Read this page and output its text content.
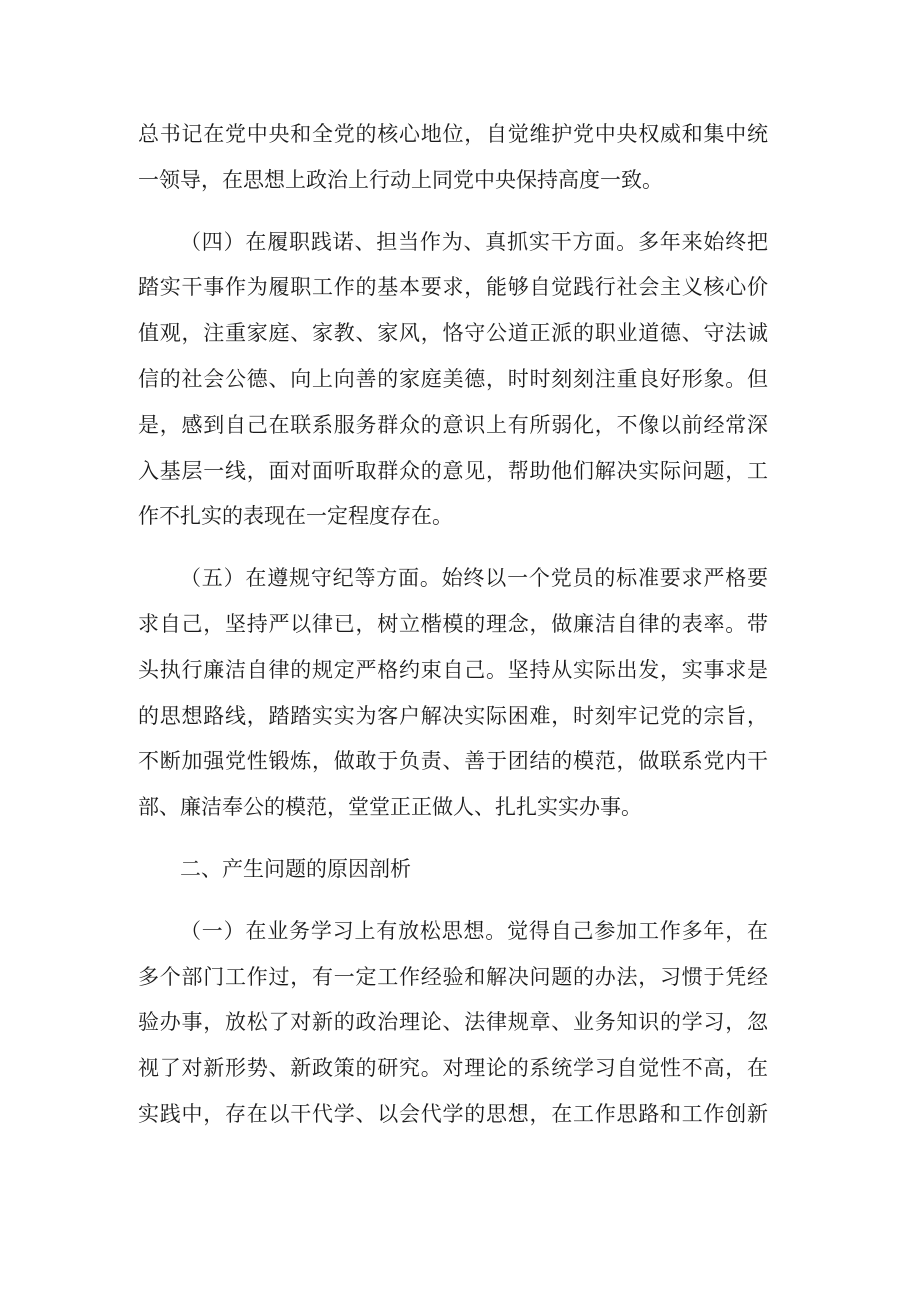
总书记在党中央和全党的核心地位，自觉维护党中央权威和集中统
一领导，在思想上政治上行动上同党中央保持高度一致。
（四）在履职践诺、担当作为、真抓实干方面。多年来始终把
踏实干事作为履职工作的基本要求，能够自觉践行社会主义核心价
值观，注重家庭、家教、家风，恪守公道正派的职业道德、守法诚
信的社会公德、向上向善的家庭美德，时时刻刻注重良好形象。但
是，感到自己在联系服务群众的意识上有所弱化，不像以前经常深
入基层一线，面对面听取群众的意见，帮助他们解决实际问题，工
作不扎实的表现在一定程度存在。
（五）在遵规守纪等方面。始终以一个党员的标准要求严格要
求自己，坚持严以律已，树立楷模的理念，做廉洁自律的表率。带
头执行廉洁自律的规定严格约束自己。坚持从实际出发，实事求是
的思想路线，踏踏实实为客户解决实际困难，时刻牢记党的宗旨，
不断加强党性锻炼，做敢于负责、善于团结的模范，做联系党内干
部、廉洁奉公的模范，堂堂正正做人、扎扎实实办事。
二、产生问题的原因剖析
（一）在业务学习上有放松思想。觉得自己参加工作多年，在
多个部门工作过，有一定工作经验和解决问题的办法，习惯于凭经
验办事，放松了对新的政治理论、法律规章、业务知识的学习，忽
视了对新形势、新政策的研究。对理论的系统学习自觉性不高，在
实践中，存在以干代学、以会代学的思想，在工作思路和工作创新
